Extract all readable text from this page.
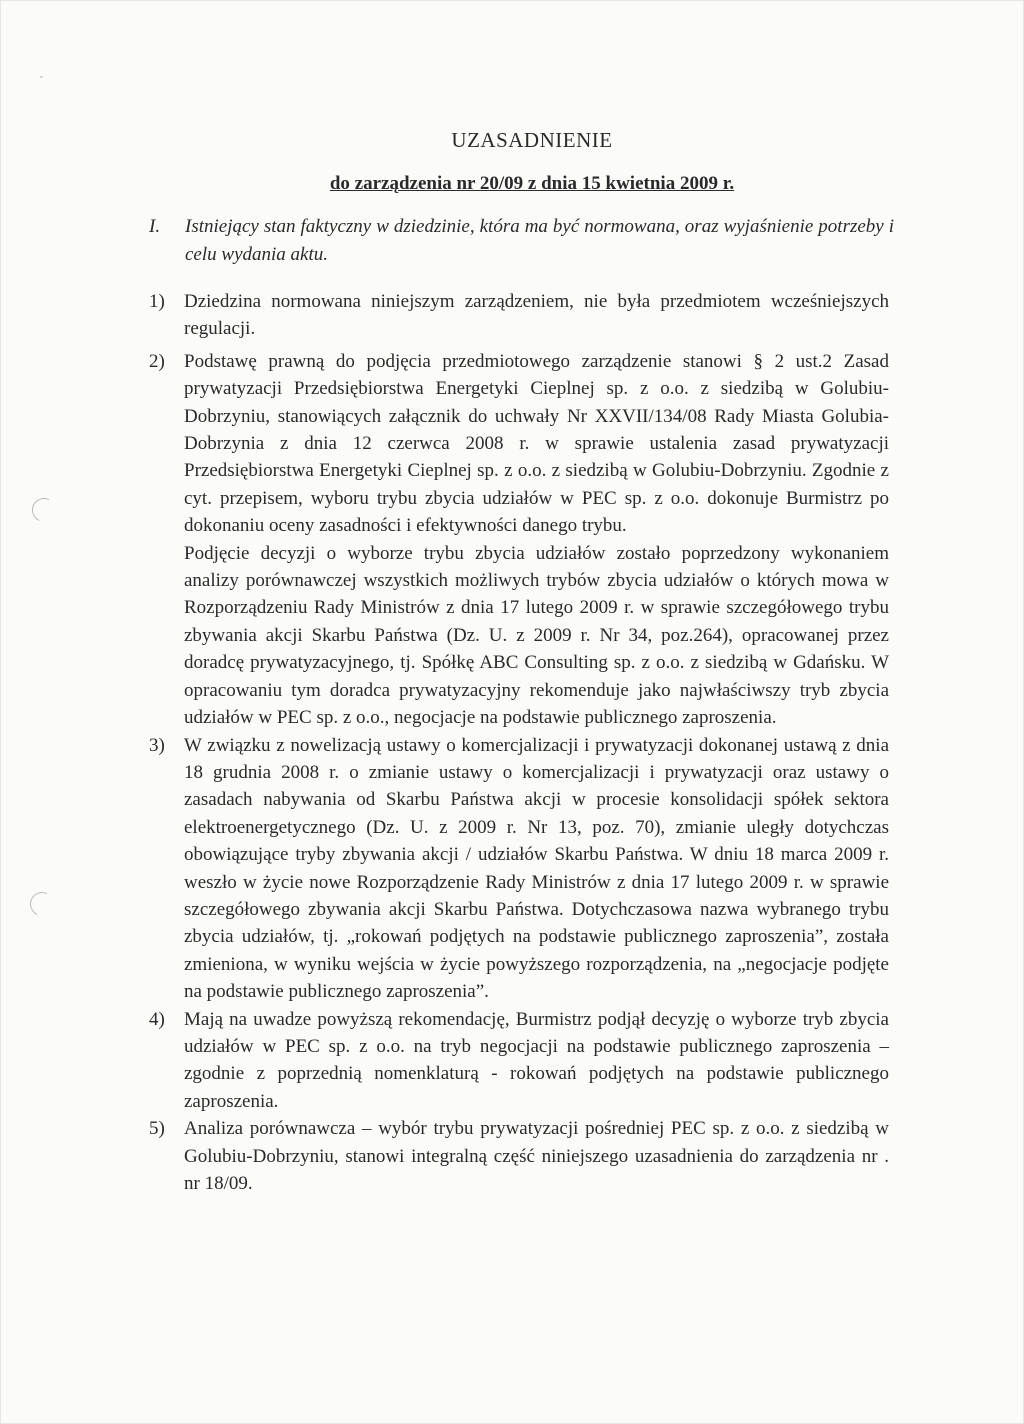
UZASADNIENIE
do zarządzenia nr 20/09 z dnia 15 kwietnia 2009 r.
I. Istniejący stan faktyczny w dziedzinie, która ma być normowana, oraz wyjaśnienie potrzeby i celu wydania aktu.
1) Dziedzina normowana niniejszym zarządzeniem, nie była przedmiotem wcześniejszych regulacji.

2) Podstawę prawną do podjęcia przedmiotowego zarządzenie stanowi § 2 ust.2 Zasad prywatyzacji Przedsiębiorstwa Energetyki Cieplnej sp. z o.o. z siedzibą w Golubiu-Dobrzyniu, stanowiących załącznik do uchwały Nr XXVII/134/08 Rady Miasta Golubia-Dobrzynia z dnia 12 czerwca 2008 r. w sprawie ustalenia zasad prywatyzacji Przedsiębiorstwa Energetyki Cieplnej sp. z o.o. z siedzibą w Golubiu-Dobrzyniu. Zgodnie z cyt. przepisem, wyboru trybu zbycia udziałów w PEC sp. z o.o. dokonuje Burmistrz po dokonaniu oceny zasadności i efektywności danego trybu.

Podjęcie decyzji o wyborze trybu zbycia udziałów zostało poprzedzony wykonaniem analizy porównawczej wszystkich możliwych trybów zbycia udziałów o których mowa w Rozporządzeniu Rady Ministrów z dnia 17 lutego 2009 r. w sprawie szczegółowego trybu zbywania akcji Skarbu Państwa (Dz. U. z 2009 r. Nr 34, poz.264), opracowanej przez doradcę prywatyzacyjnego, tj. Spółkę ABC Consulting sp. z o.o. z siedzibą w Gdańsku. W opracowaniu tym doradca prywatyzacyjny rekomenduje jako najwłaściwszy tryb zbycia udziałów w PEC sp. z o.o., negocjacje na podstawie publicznego zaproszenia.

3) W związku z nowelizacją ustawy o komercjalizacji i prywatyzacji dokonanej ustawą z dnia 18 grudnia 2008 r. o zmianie ustawy o komercjalizacji i prywatyzacji oraz ustawy o zasadach nabywania od Skarbu Państwa akcji w procesie konsolidacji spółek sektora elektroenergetycznego (Dz. U. z 2009 r. Nr 13, poz. 70), zmianie uległy dotychczas obowiązujące tryby zbywania akcji / udziałów Skarbu Państwa. W dniu 18 marca 2009 r. weszło w życie nowe Rozporządzenie Rady Ministrów z dnia 17 lutego 2009 r. w sprawie szczegółowego zbywania akcji Skarbu Państwa. Dotychczasowa nazwa wybranego trybu zbycia udziałów, tj. „rokowań podjętych na podstawie publicznego zaproszenia”, została zmieniona, w wyniku wejścia w życie powyższego rozporządzenia, na „negocjacje podjęte na podstawie publicznego zaproszenia”.

4) Mają na uwadze powyższą rekomendację, Burmistrz podjął decyzję o wyborze tryb zbycia udziałów w PEC sp. z o.o. na tryb negocjacji na podstawie publicznego zaproszenia – zgodnie z poprzednią nomenklaturą - rokowań podjętych na podstawie publicznego zaproszenia.

5) Analiza porównawcza – wybór trybu prywatyzacji pośredniej PEC sp. z o.o. z siedzibą w Golubiu-Dobrzyniu, stanowi integralną część niniejszego uzasadnienia do zarządzenia nr . nr 18/09.
